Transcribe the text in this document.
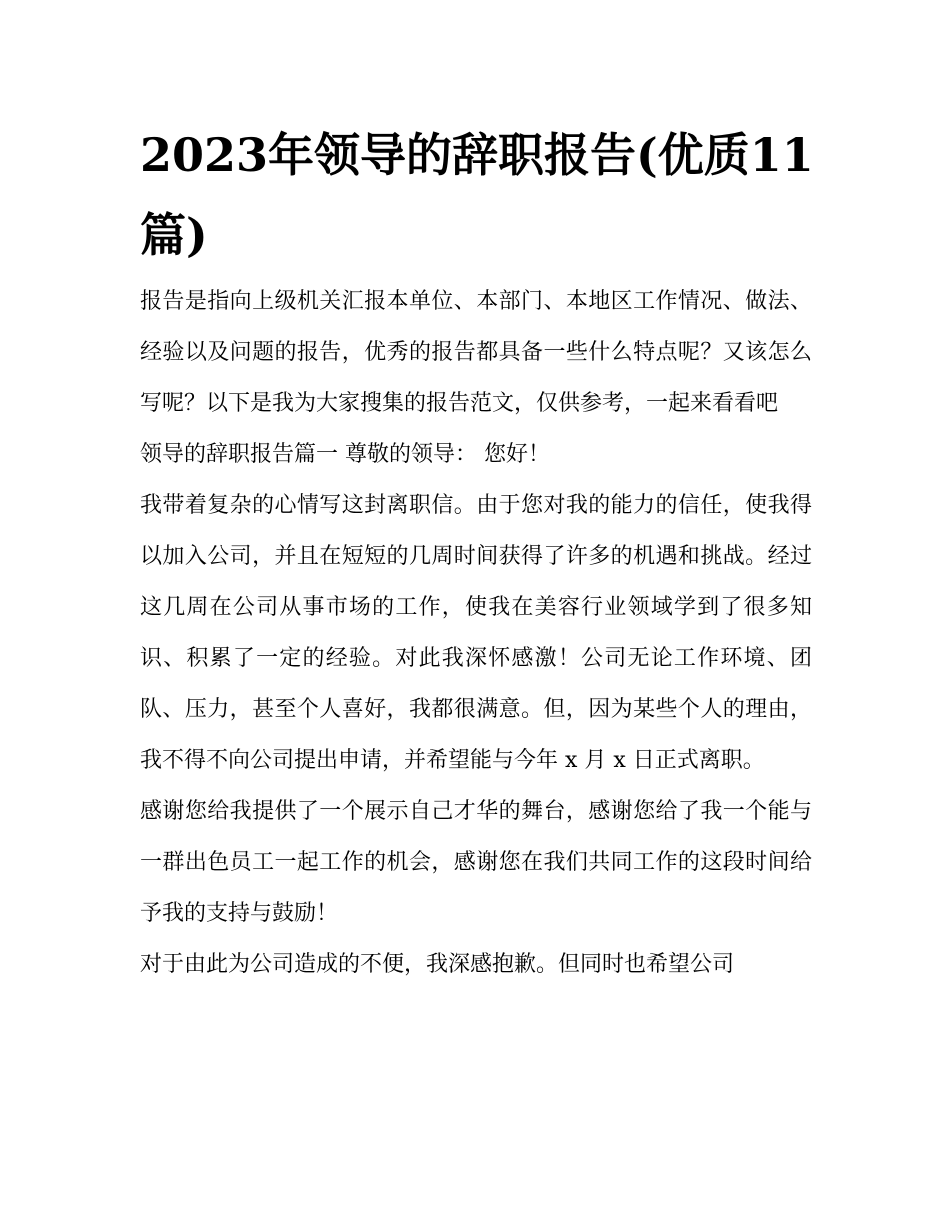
2023年领导的辞职报告(优质11篇)

报告是指向上级机关汇报本单位、本部门、本地区工作情况、做法、经验以及问题的报告，优秀的报告都具备一些什么特点呢？又该怎么写呢？以下是我为大家搜集的报告范文，仅供参考，一起来看看吧

领导的辞职报告篇一 尊敬的领导： 您好！

我带着复杂的心情写这封离职信。由于您对我的能力的信任，使我得以加入公司，并且在短短的几周时间获得了许多的机遇和挑战。经过这几周在公司从事市场的工作，使我在美容行业领域学到了很多知识、积累了一定的经验。对此我深怀感激！公司无论工作环境、团队、压力，甚至个人喜好，我都很满意。但，因为某些个人的理由，我不得不向公司提出申请，并希望能与今年 x 月 x 日正式离职。

感谢您给我提供了一个展示自己才华的舞台，感谢您给了我一个能与一群出色员工一起工作的机会，感谢您在我们共同工作的这段时间给予我的支持与鼓励！

对于由此为公司造成的不便，我深感抱歉。但同时也希望公司
